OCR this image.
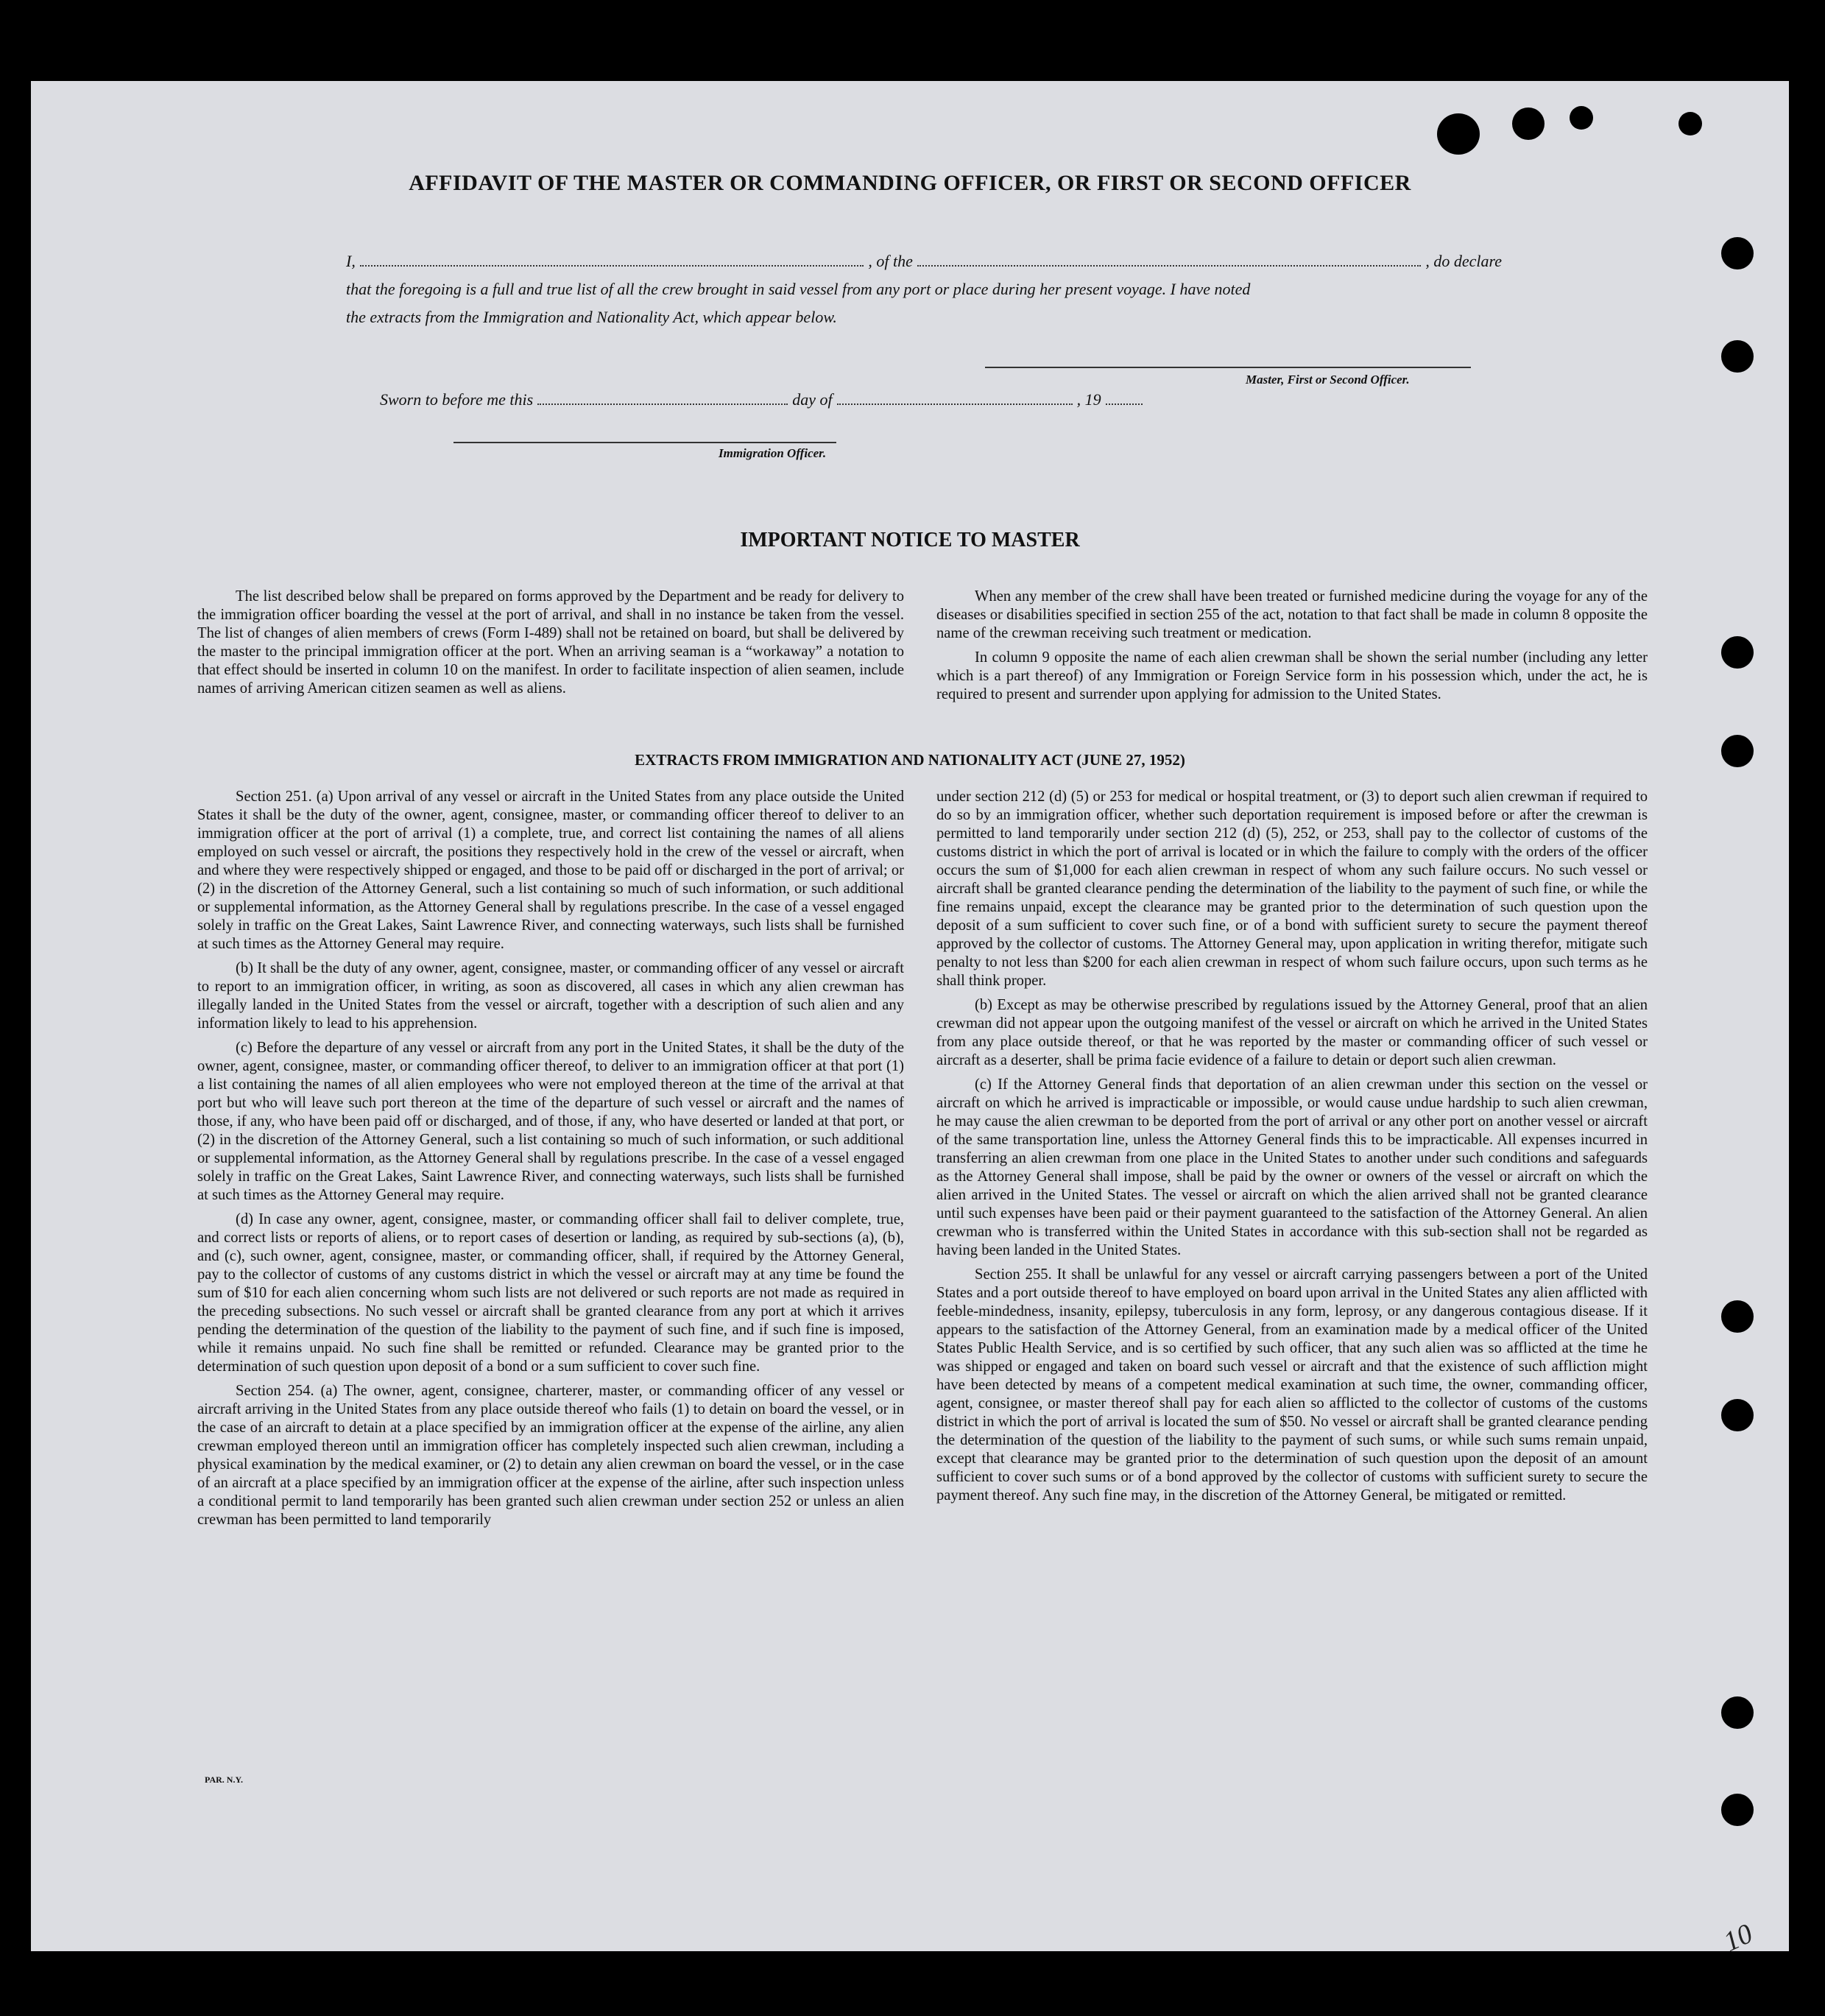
AFFIDAVIT OF THE MASTER OR COMMANDING OFFICER, OR FIRST OR SECOND OFFICER
I,	, of the	, do declare
that the foregoing is a full and true list of all the crew brought in said vessel from any port or place during her present voyage. I have noted
the extracts from the Immigration and Nationality Act, which appear below.
Master, First or Second Officer.
Sworn to before me this	day of	, 19
Immigration Officer.
IMPORTANT NOTICE TO MASTER

The list described below shall be prepared on forms approved by the Department and be ready for delivery to the immigration officer boarding the vessel at the port of arrival, and shall in no instance be taken from the vessel. The list of changes of alien members of crews (Form I-489) shall not be retained on board, but shall be delivered by the master to the principal immigration officer at the port. When an arriving seaman is a “workaway” a notation to that effect should be inserted in column 10 on the manifest. In order to facilitate inspection of alien seamen, include names of arriving American citizen seamen as well as aliens.

When any member of the crew shall have been treated or furnished medicine during the voyage for any of the diseases or disabilities specified in section 255 of the act, notation to that fact shall be made in column 8 opposite the name of the crewman receiving such treatment or medication.

In column 9 opposite the name of each alien crewman shall be shown the serial number (including any letter which is a part thereof) of any Immigration or Foreign Service form in his possession which, under the act, he is required to present and surrender upon applying for admission to the United States.

EXTRACTS FROM IMMIGRATION AND NATIONALITY ACT (JUNE 27, 1952)

Section 251. (a) Upon arrival of any vessel or aircraft in the United States from any place outside the United States it shall be the duty of the owner, agent, consignee, master, or commanding officer thereof to deliver to an immigration officer at the port of arrival (1) a complete, true, and correct list containing the names of all aliens employed on such vessel or aircraft, the positions they respectively hold in the crew of the vessel or aircraft, when and where they were respectively shipped or engaged, and those to be paid off or discharged in the port of arrival; or (2) in the discretion of the Attorney General, such a list containing so much of such information, or such additional or supplemental information, as the Attorney General shall by regulations prescribe. In the case of a vessel engaged solely in traffic on the Great Lakes, Saint Lawrence River, and connecting waterways, such lists shall be furnished at such times as the Attorney General may require.

(b) It shall be the duty of any owner, agent, consignee, master, or commanding officer of any vessel or aircraft to report to an immigration officer, in writing, as soon as discovered, all cases in which any alien crewman has illegally landed in the United States from the vessel or aircraft, together with a description of such alien and any information likely to lead to his apprehension.

(c) Before the departure of any vessel or aircraft from any port in the United States, it shall be the duty of the owner, agent, consignee, master, or commanding officer thereof, to deliver to an immigration officer at that port (1) a list containing the names of all alien employees who were not employed thereon at the time of the arrival at that port but who will leave such port thereon at the time of the departure of such vessel or aircraft and the names of those, if any, who have been paid off or discharged, and of those, if any, who have deserted or landed at that port, or (2) in the discretion of the Attorney General, such a list containing so much of such information, or such additional or supplemental information, as the Attorney General shall by regulations prescribe. In the case of a vessel engaged solely in traffic on the Great Lakes, Saint Lawrence River, and connecting waterways, such lists shall be furnished at such times as the Attorney General may require.

(d) In case any owner, agent, consignee, master, or commanding officer shall fail to deliver complete, true, and correct lists or reports of aliens, or to report cases of desertion or landing, as required by sub-sections (a), (b), and (c), such owner, agent, consignee, master, or commanding officer, shall, if required by the Attorney General, pay to the collector of customs of any customs district in which the vessel or aircraft may at any time be found the sum of $10 for each alien concerning whom such lists are not delivered or such reports are not made as required in the preceding subsections. No such vessel or aircraft shall be granted clearance from any port at which it arrives pending the determination of the question of the liability to the payment of such fine, and if such fine is imposed, while it remains unpaid. No such fine shall be remitted or refunded. Clearance may be granted prior to the determination of such question upon deposit of a bond or a sum sufficient to cover such fine.

Section 254. (a) The owner, agent, consignee, charterer, master, or commanding officer of any vessel or aircraft arriving in the United States from any place outside thereof who fails (1) to detain on board the vessel, or in the case of an aircraft to detain at a place specified by an immigration officer at the expense of the airline, any alien crewman employed thereon until an immigration officer has completely inspected such alien crewman, including a physical examination by the medical examiner, or (2) to detain any alien crewman on board the vessel, or in the case of an aircraft at a place specified by an immigration officer at the expense of the airline, after such inspection unless a conditional permit to land temporarily has been granted such alien crewman under section 252 or unless an alien crewman has been permitted to land temporarily

under section 212 (d) (5) or 253 for medical or hospital treatment, or (3) to deport such alien crewman if required to do so by an immigration officer, whether such deportation requirement is imposed before or after the crewman is permitted to land temporarily under section 212 (d) (5), 252, or 253, shall pay to the collector of customs of the customs district in which the port of arrival is located or in which the failure to comply with the orders of the officer occurs the sum of $1,000 for each alien crewman in respect of whom any such failure occurs. No such vessel or aircraft shall be granted clearance pending the determination of the liability to the payment of such fine, or while the fine remains unpaid, except the clearance may be granted prior to the determination of such question upon the deposit of a sum sufficient to cover such fine, or of a bond with sufficient surety to secure the payment thereof approved by the collector of customs. The Attorney General may, upon application in writing therefor, mitigate such penalty to not less than $200 for each alien crewman in respect of whom such failure occurs, upon such terms as he shall think proper.

(b) Except as may be otherwise prescribed by regulations issued by the Attorney General, proof that an alien crewman did not appear upon the outgoing manifest of the vessel or aircraft on which he arrived in the United States from any place outside thereof, or that he was reported by the master or commanding officer of such vessel or aircraft as a deserter, shall be prima facie evidence of a failure to detain or deport such alien crewman.

(c) If the Attorney General finds that deportation of an alien crewman under this section on the vessel or aircraft on which he arrived is impracticable or impossible, or would cause undue hardship to such alien crewman, he may cause the alien crewman to be deported from the port of arrival or any other port on another vessel or aircraft of the same transportation line, unless the Attorney General finds this to be impracticable. All expenses incurred in transferring an alien crewman from one place in the United States to another under such conditions and safeguards as the Attorney General shall impose, shall be paid by the owner or owners of the vessel or aircraft on which the alien arrived in the United States. The vessel or aircraft on which the alien arrived shall not be granted clearance until such expenses have been paid or their payment guaranteed to the satisfaction of the Attorney General. An alien crewman who is transferred within the United States in accordance with this sub-section shall not be regarded as having been landed in the United States.

Section 255. It shall be unlawful for any vessel or aircraft carrying passengers between a port of the United States and a port outside thereof to have employed on board upon arrival in the United States any alien afflicted with feeble-mindedness, insanity, epilepsy, tuberculosis in any form, leprosy, or any dangerous contagious disease. If it appears to the satisfaction of the Attorney General, from an examination made by a medical officer of the United States Public Health Service, and is so certified by such officer, that any such alien was so afflicted at the time he was shipped or engaged and taken on board such vessel or aircraft and that the existence of such affliction might have been detected by means of a competent medical examination at such time, the owner, commanding officer, agent, consignee, or master thereof shall pay for each alien so afflicted to the collector of customs of the customs district in which the port of arrival is located the sum of $50. No vessel or aircraft shall be granted clearance pending the determination of the question of the liability to the payment of such sums, or while such sums remain unpaid, except that clearance may be granted prior to the determination of such question upon the deposit of an amount sufficient to cover such sums or of a bond approved by the collector of customs with sufficient surety to secure the payment thereof. Any such fine may, in the discretion of the Attorney General, be mitigated or remitted.

PAR. N.Y.
10
